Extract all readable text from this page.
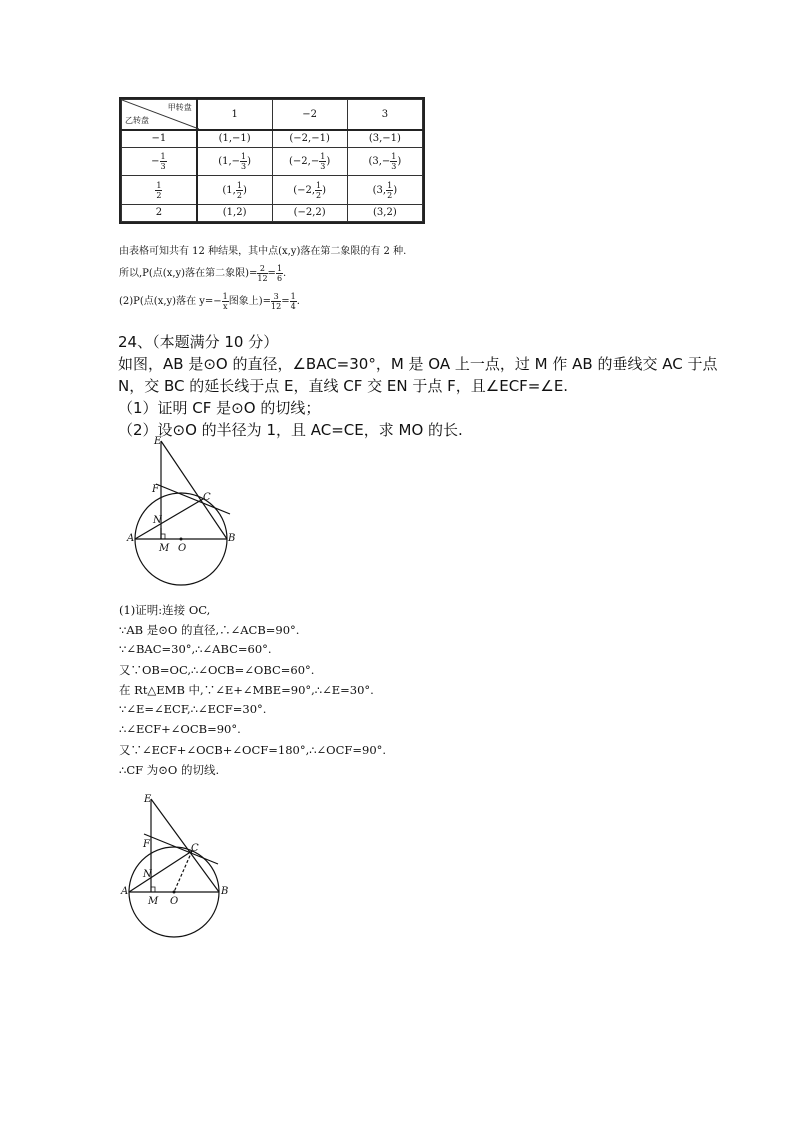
甲转盘
乙转盘	1	−2	3
−1	(1,−1)	(−2,−1)	(3,−1)
− $\frac{1}{3}$	($1,- \frac{1}{3}$ )	($-2,- \frac{1}{3}$ )	($3,- \frac{1}{3}$ )

$\frac{1}{2}$	(1, $\frac{1}{2}$ )	(−2, $\frac{1}{2}$ )	(3, $\frac{1}{2}$ )
2	(1,2)	(−2,2)	(3,2)
由表格可知共有 12 种结果，其中点(x,y)落在第二象限的有 2 种.
所以,P(点(x,y)落在第二象限)= $\frac{2}{12} = \frac{1}{6}$ .
(2)P(点(x,y)落在 $y=- \frac{1}{x}$ 图象上)= $\frac{3}{12} = \frac{1}{4}$ .
24、（本题满分 10 分）
如图，AB 是⊙O 的直径，∠BAC=30°，M 是 OA 上一点，过 M 作 AB 的垂线交 AC 于点
N，交 BC 的延长线于点 E，直线 CF 交 EN 于点 F，且∠ECF=∠E.
（1）证明 CF 是⊙O 的切线；
（2）设⊙O 的半径为 1，且 AC=CE，求 MO 的长.
E
F
C
N
A
M O
B
(1)证明:连接 OC,
∵AB 是⊙O 的直径,∴∠ACB=90°.
∵∠BAC=30°,∴∠ABC=60°.
又∵OB=OC,∴∠OCB=∠OBC=60°.
在 Rt△EMB 中,∵∠E+∠MBE=90°,∴∠E=30°.
∵∠E=∠ECF,∴∠ECF=30°.
∴∠ECF+∠OCB=90°.
又∵∠ECF+∠OCB+∠OCF=180°,∴∠OCF=90°.
∴CF 为⊙O 的切线.
E
F	C
N
A
M O
B
